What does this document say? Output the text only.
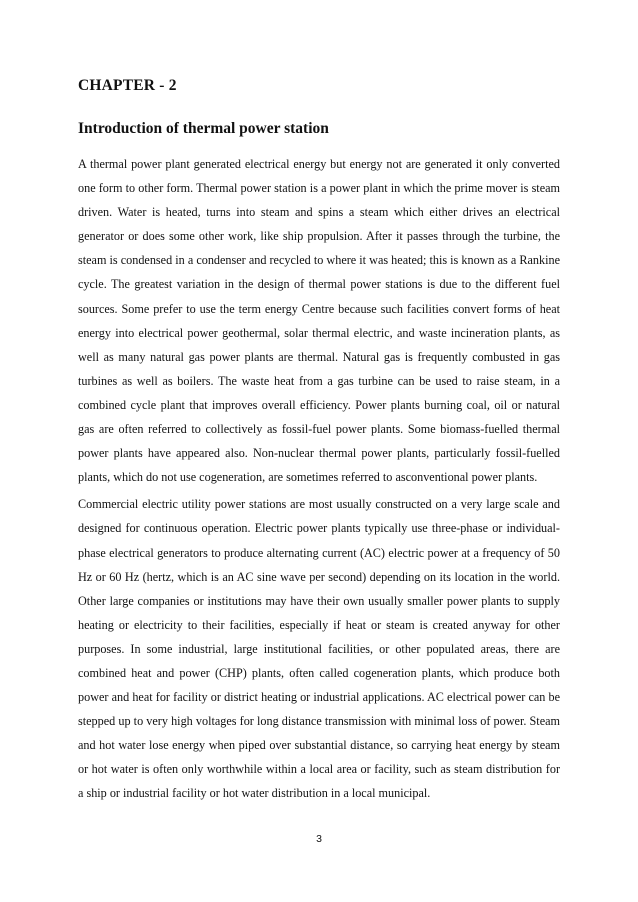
CHAPTER - 2
Introduction of thermal power station

A thermal power plant generated electrical energy but energy not are generated it only converted one form to other form. Thermal power station is a power plant in which the prime mover is steam driven. Water is heated, turns into steam and spins a steam which either drives an electrical generator or does some other work, like ship propulsion. After it passes through the turbine, the steam is condensed in a condenser and recycled to where it was heated; this is known as a Rankine cycle. The greatest variation in the design of thermal power stations is due to the different fuel sources. Some prefer to use the term energy Centre because such facilities convert forms of heat energy into electrical power geothermal, solar thermal electric, and waste incineration plants, as well as many natural gas power plants are thermal. Natural gas is frequently combusted in gas turbines as well as boilers. The waste heat from a gas turbine can be used to raise steam, in a combined cycle plant that improves overall efficiency. Power plants burning coal, oil or natural gas are often referred to collectively as fossil-fuel power plants. Some biomass-fuelled thermal power plants have appeared also. Non-nuclear thermal power plants, particularly fossil-fuelled plants, which do not use cogeneration, are sometimes referred to asconventional power plants.

Commercial electric utility power stations are most usually constructed on a very large scale and designed for continuous operation. Electric power plants typically use three-phase or individual-phase electrical generators to produce alternating current (AC) electric power at a frequency of 50 Hz or 60 Hz (hertz, which is an AC sine wave per second) depending on its location in the world. Other large companies or institutions may have their own usually smaller power plants to supply heating or electricity to their facilities, especially if heat or steam is created anyway for other purposes. In some industrial, large institutional facilities, or other populated areas, there are combined heat and power (CHP) plants, often called cogeneration plants, which produce both power and heat for facility or district heating or industrial applications. AC electrical power can be stepped up to very high voltages for long distance transmission with minimal loss of power. Steam and hot water lose energy when piped over substantial distance, so carrying heat energy by steam or hot water is often only worthwhile within a local area or facility, such as steam distribution for a ship or industrial facility or hot water distribution in a local municipal.

3
